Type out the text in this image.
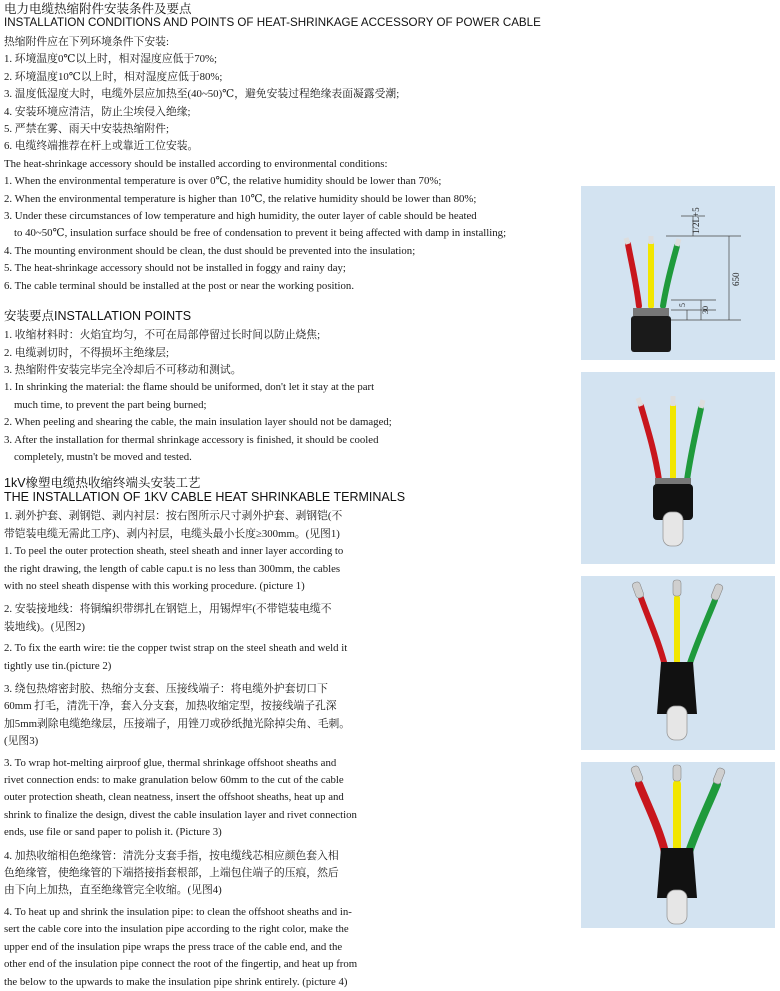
电力电缆热缩附件安装条件及要点
INSTALLATION CONDITIONS AND POINTS OF HEAT-SHRINKAGE ACCESSORY OF POWER CABLE
热缩附件应在下列环境条件下安装:
1. 环境温度0℃以上时，相对湿度应低于70%;
2. 环境温度10℃以上时，相对湿度应低于80%;
3. 温度低湿度大时，电缆外层应加热至(40~50)℃，避免安装过程绝缘表面凝露受潮;
4. 安装环境应清洁，防止尘埃侵入绝缘;
5. 严禁在雾、雨天中安装热缩附件;
6. 电缆终端推荐在杆上或靠近工位安装。
The heat-shrinkage accessory should be installed according to environmental conditions:
1. When the environmental temperature is over 0℃, the relative humidity should be lower than 70%;
2. When the environmental temperature is higher than 10℃, the relative humidity should be lower than 80%;
3. Under these circumstances of low temperature and high humidity, the outer layer of cable should be heated
to 40~50℃, insulation surface should be free of condensation to prevent it being affected with damp in installing;
4. The mounting environment should be clean, the dust should be prevented into the insulation;
5. The heat-shrinkage accessory should not be installed in foggy and rainy day;
6. The cable terminal should be installed at the post or near the working position.
安装要点INSTALLATION POINTS
1. 收缩材料时：火焰宜均匀，不可在局部停留过长时间以防止烧焦;
2. 电缆剥切时，不得损坏主绝缘层;
3. 热缩附件安装完毕完全冷却后不可移动和测试。
1. In shrinking the material: the flame should be uniformed, don't let it stay at the part
much time, to prevent the part being burned;
2. When peeling and shearing the cable, the main insulation layer should not be damaged;
3. After the installation for thermal shrinkage accessory is finished, it should be cooled
completely, mustn't be moved and tested.
1kV橡塑电缆热收缩终端头安装工艺
THE INSTALLATION OF 1KV CABLE HEAT SHRINKABLE TERMINALS
1. 剥外护套、剥钢铠、剥内衬层：按右图所示尺寸剥外护套、剥钢铠(不
带铠装电缆无需此工序)、剥内衬层，电缆头最小长度≥300mm。(见图1)
1. To peel the outer protection sheath, steel sheath and inner layer according to
the right drawing, the length of cable capu.t is no less than 300mm, the cables
with no steel sheath dispense with this working procedure. (picture 1)
2. 安装接地线：将铜编织带绑扎在钢铠上，用锡焊牢(不带铠装电缆不
装地线)。(见图2)
2. To fix the earth wire: tie the copper twist strap on the steel sheath and weld it
tightly use tin.(picture 2)
3. 绕包热熔密封胶、热缩分支套、压接线端子：将电缆外护套切口下
60mm 打毛，清洗干净，套入分支套，加热收缩定型，按接线端子孔深
加5mm剥除电缆绝缘层，压接端子，用锉刀或砂纸抛光除掉尖角、毛刺。
(见图3)
3. To wrap hot-melting airproof glue, thermal shrinkage offshoot sheaths and
rivet connection ends: to make granulation below 60mm to the cut of the cable
outer protection sheath, clean neatness, insert the offshoot sheaths, heat up and
shrink to finalize the design, divest the cable insulation layer and rivet connection
ends, use file or sand paper to polish it. (Picture 3)
4. 加热收缩相色绝缘管：清洗分支套手指，按电缆线芯相应颜色套入相
色绝缘管，使绝缘管的下端搭接指套根部，上端包住端子的压痕，然后
由下向上加热，直至绝缘管完全收缩。(见图4)
4. To heat up and shrink the insulation pipe: to clean the offshoot sheaths and in-
sert the cable core into the insulation pipe according to the right color, make the
upper end of the insulation pipe wraps the press trace of the cable end, and the
other end of the insulation pipe connect the root of the fingertip, and heat up from
the below to the upwards to make the insulation pipe shrink entirely. (picture 4)
1/2L+5
650
5
30
